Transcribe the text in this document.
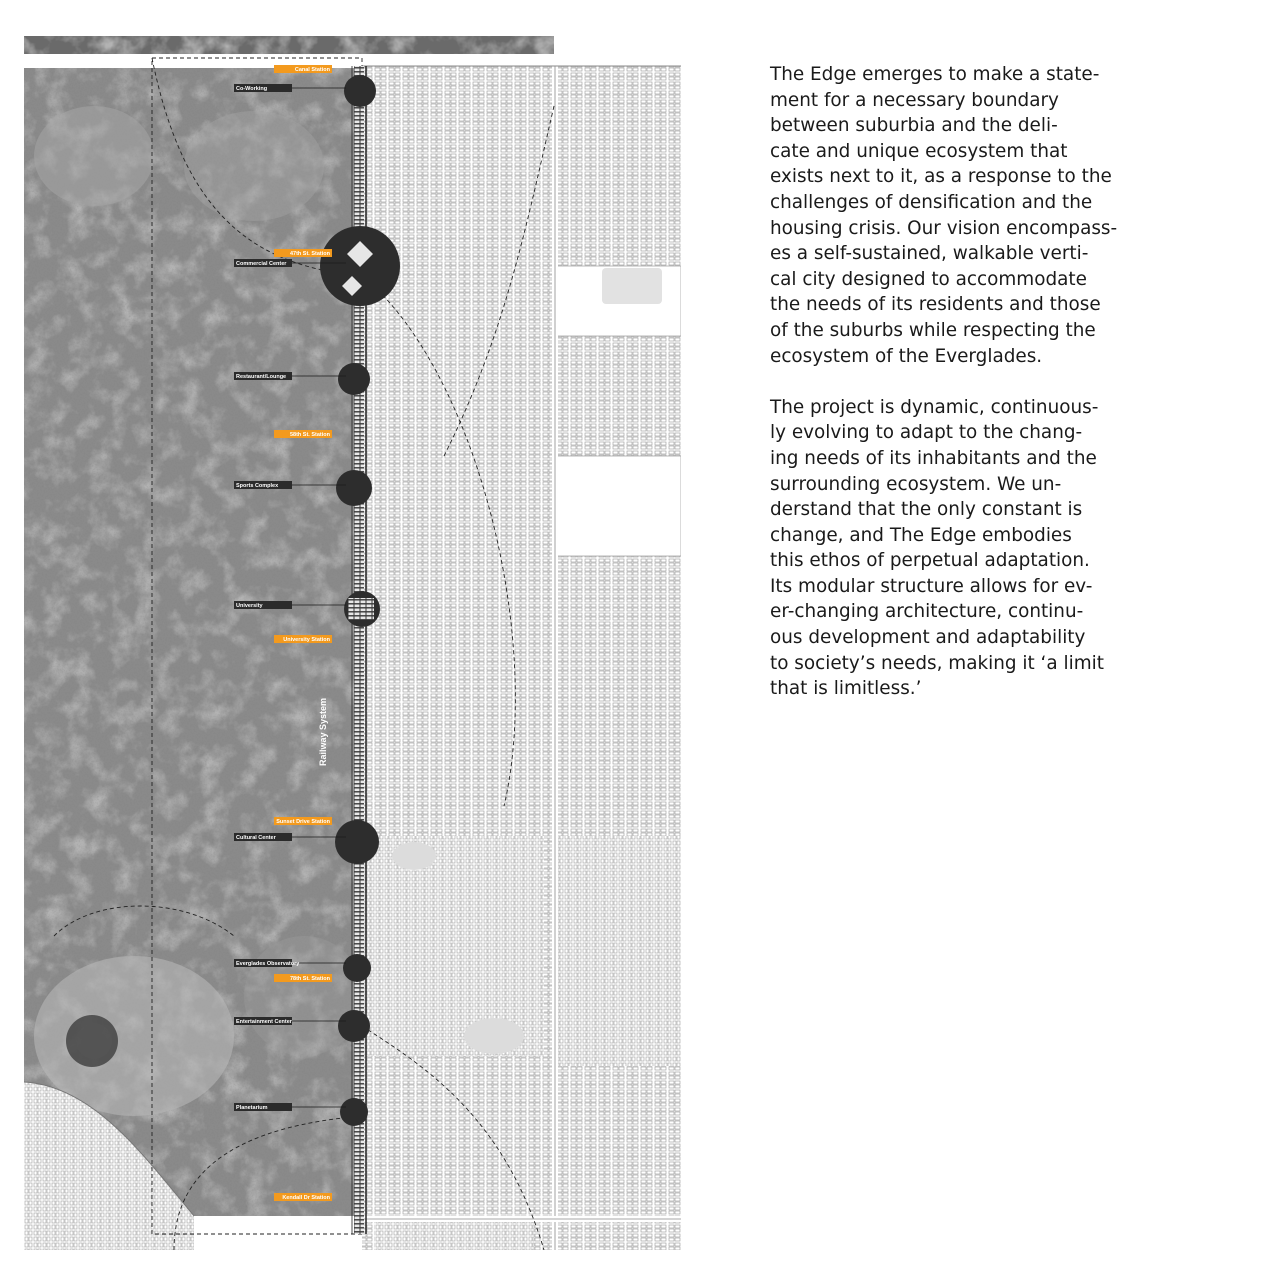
Railway System
Co-Working
Commercial Center
Restaurant/Lounge
Sports Complex
University
Cultural Center
Everglades Observatory
Entertainment Center
Planetarium
Canal Station
47th St. Station
58th St. Station
University Station
Sunset Drive Station
78th St. Station
Kendall Dr Station

The Edge emerges to make a state-
ment for a necessary boundary
between suburbia and the deli-
cate and unique ecosystem that
exists next to it, as a response to the
challenges of densification and the
housing crisis. Our vision encompass-
es a self-sustained, walkable verti-
cal city designed to accommodate
the needs of its residents and those
of the suburbs while respecting the
ecosystem of the Everglades.

The project is dynamic, continuous-
ly evolving to adapt to the chang-
ing needs of its inhabitants and the
surrounding ecosystem. We un-
derstand that the only constant is
change, and The Edge embodies
this ethos of perpetual adaptation.
Its modular structure allows for ev-
er-changing architecture, continu-
ous development and adaptability
to society’s needs, making it ‘a limit
that is limitless.’
